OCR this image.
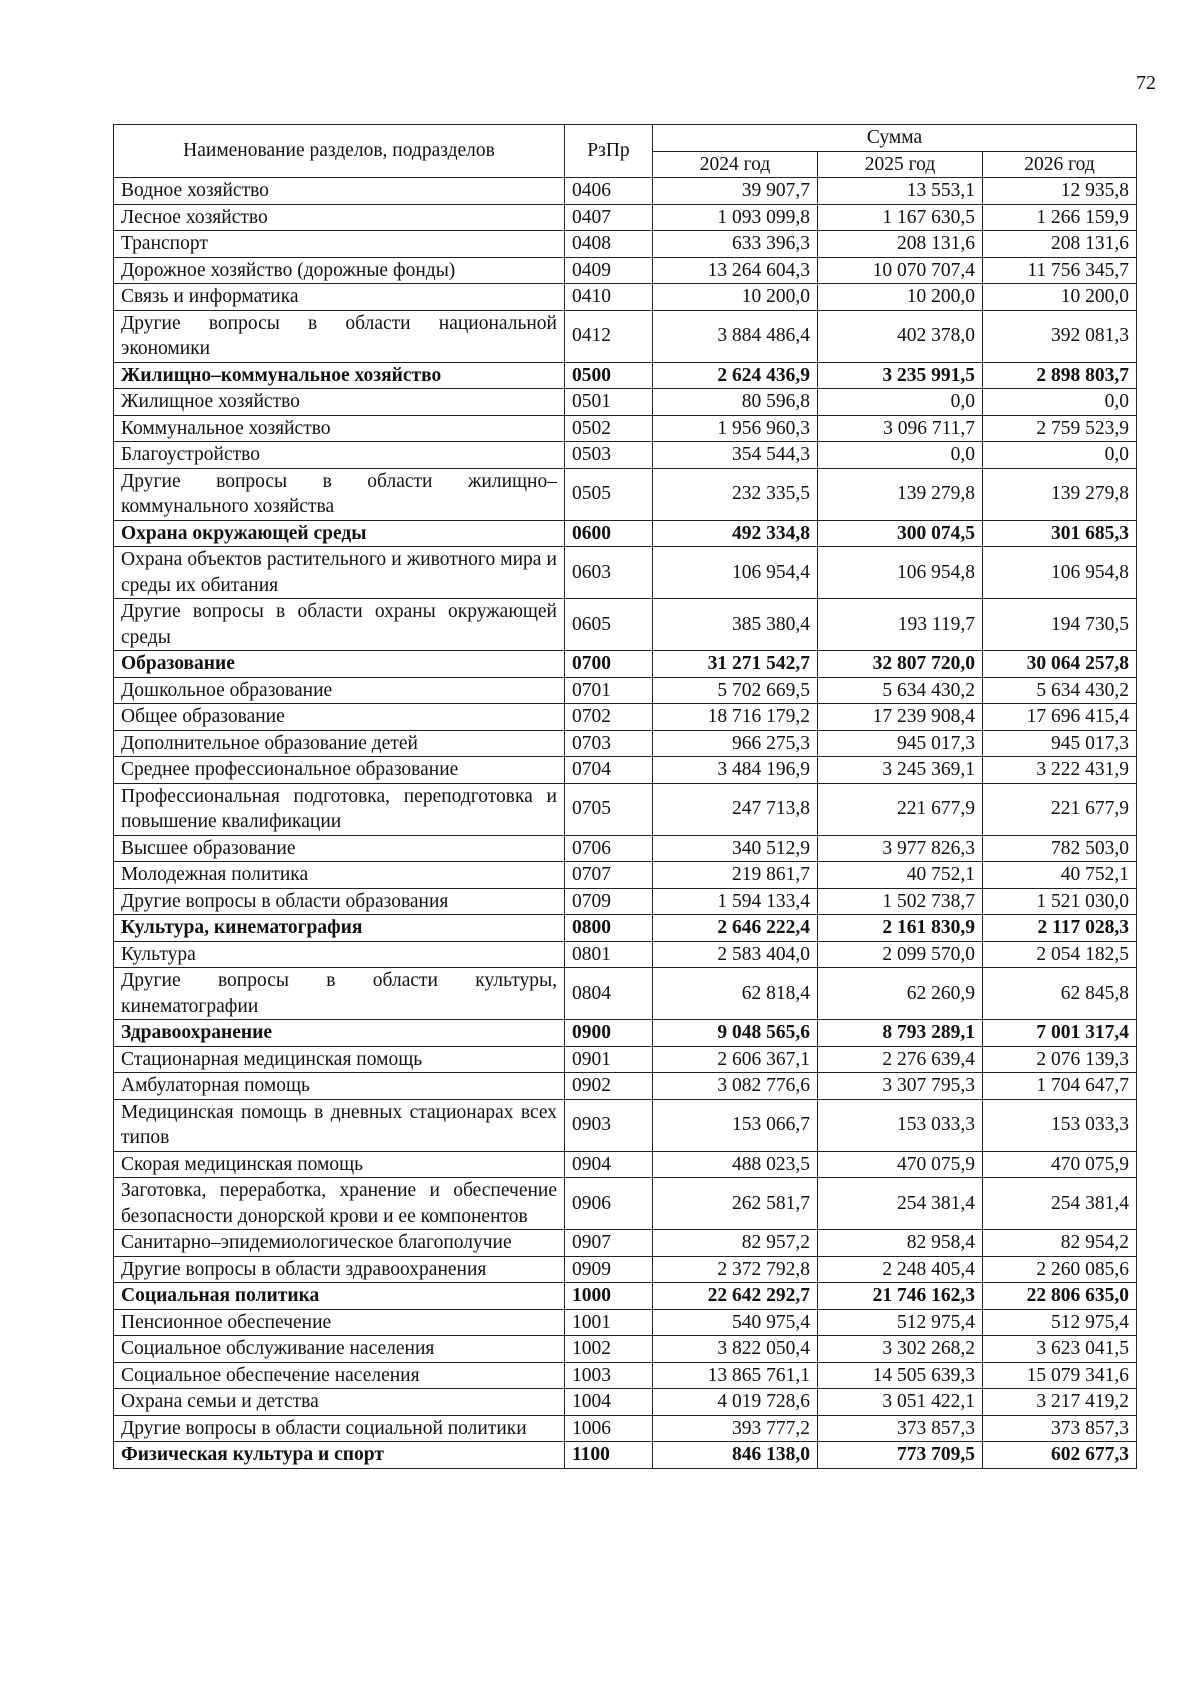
72
Наименование разделов, подразделов	РзПр	Сумма		
		2024 год	2025 год	2026 год
Водное хозяйство	0406	39 907,7	13 553,1	12 935,8
Лесное хозяйство	0407	1 093 099,8	1 167 630,5	1 266 159,9
Транспорт	0408	633 396,3	208 131,6	208 131,6
Дорожное хозяйство (дорожные фонды)	0409	13 264 604,3	10 070 707,4	11 756 345,7
Связь и информатика	0410	10 200,0	10 200,0	10 200,0
Другие вопросы в области национальной экономики	0412	3 884 486,4	402 378,0	392 081,3
Жилищно–коммунальное хозяйство	0500	2 624 436,9	3 235 991,5	2 898 803,7
Жилищное хозяйство	0501	80 596,8	0,0	0,0
Коммунальное хозяйство	0502	1 956 960,3	3 096 711,7	2 759 523,9
Благоустройство	0503	354 544,3	0,0	0,0
Другие вопросы в области жилищно–коммунального хозяйства	0505	232 335,5	139 279,8	139 279,8
Охрана окружающей среды	0600	492 334,8	300 074,5	301 685,3
Охрана объектов растительного и животного мира и среды их обитания	0603	106 954,4	106 954,8	106 954,8
Другие вопросы в области охраны окружающей среды	0605	385 380,4	193 119,7	194 730,5
Образование	0700	31 271 542,7	32 807 720,0	30 064 257,8
Дошкольное образование	0701	5 702 669,5	5 634 430,2	5 634 430,2
Общее образование	0702	18 716 179,2	17 239 908,4	17 696 415,4
Дополнительное образование детей	0703	966 275,3	945 017,3	945 017,3
Среднее профессиональное образование	0704	3 484 196,9	3 245 369,1	3 222 431,9
Профессиональная подготовка, переподготовка и повышение квалификации	0705	247 713,8	221 677,9	221 677,9
Высшее образование	0706	340 512,9	3 977 826,3	782 503,0
Молодежная политика	0707	219 861,7	40 752,1	40 752,1
Другие вопросы в области образования	0709	1 594 133,4	1 502 738,7	1 521 030,0
Культура, кинематография	0800	2 646 222,4	2 161 830,9	2 117 028,3
Культура	0801	2 583 404,0	2 099 570,0	2 054 182,5
Другие вопросы в области культуры, кинематографии	0804	62 818,4	62 260,9	62 845,8
Здравоохранение	0900	9 048 565,6	8 793 289,1	7 001 317,4
Стационарная медицинская помощь	0901	2 606 367,1	2 276 639,4	2 076 139,3
Амбулаторная помощь	0902	3 082 776,6	3 307 795,3	1 704 647,7
Медицинская помощь в дневных стационарах всех типов	0903	153 066,7	153 033,3	153 033,3
Скорая медицинская помощь	0904	488 023,5	470 075,9	470 075,9
Заготовка, переработка, хранение и обеспечение безопасности донорской крови и ее компонентов	0906	262 581,7	254 381,4	254 381,4
Санитарно–эпидемиологическое благополучие	0907	82 957,2	82 958,4	82 954,2
Другие вопросы в области здравоохранения	0909	2 372 792,8	2 248 405,4	2 260 085,6
Социальная политика	1000	22 642 292,7	21 746 162,3	22 806 635,0
Пенсионное обеспечение	1001	540 975,4	512 975,4	512 975,4
Социальное обслуживание населения	1002	3 822 050,4	3 302 268,2	3 623 041,5
Социальное обеспечение населения	1003	13 865 761,1	14 505 639,3	15 079 341,6
Охрана семьи и детства	1004	4 019 728,6	3 051 422,1	3 217 419,2
Другие вопросы в области социальной политики	1006	393 777,2	373 857,3	373 857,3
Физическая культура и спорт	1100	846 138,0	773 709,5	602 677,3
